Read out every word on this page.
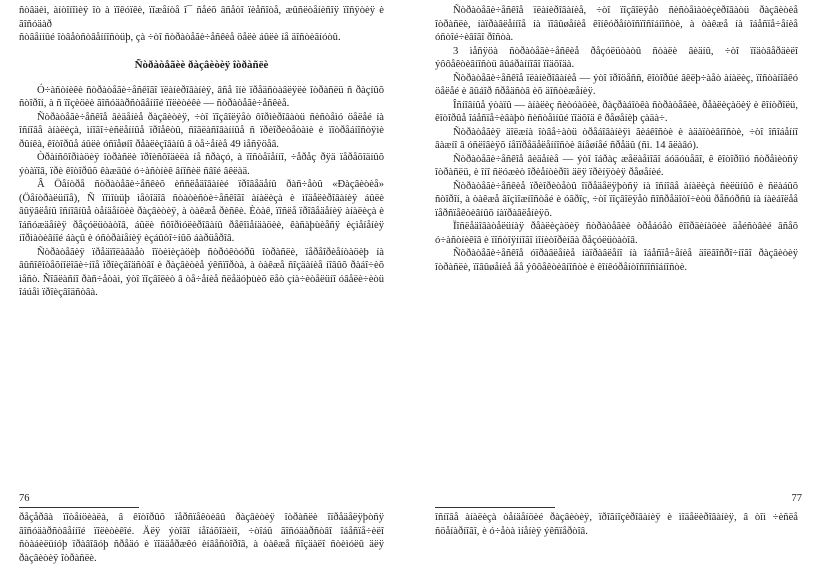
ñòâäèì, àíòîíîìèÿ îò à ïîêóïêè, ïîæåíòå î¯ ñåéõ âñåòî ïèåñîòå, æûñëòåíèñîÿ ïîñÿòèÿ è ãîñóäàð

ñòâåííûé îòâåòñòâåííîñòüþ, çà ÷òî ñòðàòåãè÷åñêèå öåëè áûëè íå äîñòèãíóòû.

Ñòðàòåãèè ðàçâèòèÿ îòðàñëè

Ó÷àñòíèêè ñòðàòåãè÷åñêîãî ïëàíèðîâàíèÿ, âñå îíè ïðåäñòàâëÿëè îòðàñëü ñ ðàçíûõ ñòîðîí, à ñ ïîçèöèè ãîñóäàðñòâåííîé ïîëèòèêè — ñòðàòåãè÷åñêèå.

Ñòðàòåãè÷åñêîå âèäåíèå ðàçâèòèÿ, ÷òî ïîçâîëÿåò ôîðìèðîâàòü ñèñòåìó öåëåé íà îñíîâå àíàëèçà, ìíîãî÷èñëåííûå ïðîåêòû, ñîãëàñîâàííûå ñ ïðèîðèòåòàìè è ïîòðåáíîñòÿìè ðûíêà, êîòîðûå áûëè óñïåøíî ðåàëèçîâàíû â òå÷åíèå 49 ìåñÿöåâ.

Òðàíñôîðìàöèÿ îòðàñëè ïðîèñõîäèëà íå ñðàçó, à ïîñòåïåííî, ÷åðåç ðÿä ïåðåõîäíûõ ýòàïîâ, ïðè êîòîðûõ êàæäûé ó÷àñòíèê âíîñèë ñâîé âêëàä.

Â Öåíòðå ñòðàòåãè÷åñêèõ èññëåäîâàíèé ïðîâåäåíû ðàñ÷åòû «Ðàçâèòèå» (Öåíòðàëüíîå), Ñ ïîìîùüþ ìåòîäîâ ñòàòèñòè÷åñêîãî àíàëèçà è ìîäåëèðîâàíèÿ áûëè âûÿâëåíû îñíîâíûå òåíäåíöèè ðàçâèòèÿ, à òàêæå ðèñêè. Èòàê, ïîñëå ïðîâåäåíèÿ àíàëèçà è îáñóæäåíèÿ ðåçóëüòàòîâ, áûëè ñôîðìóëèðîâàíû ðåêîìåíäàöèè, êàñàþùèåñÿ èçìåíåíèÿ íîðìàòèâíîé áàçû è óñòðàíåíèÿ èçáûòî÷íûõ áàðüåðîâ.

Ñòðàòåãèÿ ïðåäïîëàãàåò îïòèìèçàöèþ ñòðóêòóðû îòðàñëè, ïåðåîðèåíòàöèþ íà âûñîêîòåõíîëîãè÷íîå ïðîèçâîäñòâî è ðàçâèòèå ýêñïîðòà, à òàêæå ñîçäàíèå íîâûõ ðàáî÷èõ ìåñò. Ñîãëàñíî ðàñ÷åòàì, ýòî ïîçâîëèò â òå÷åíèå ñëåäóþùèõ ëåò çíà÷èòåëüíî óâåëè÷èòü îáúåì ïðîèçâîäñòâà.

76

ðåçåðâà ïîòåíöèàëà, â êîòîðûõ ïåðñïåêòèâû ðàçâèòèÿ îòðàñëè îïðåäåëÿþòñÿ ãîñóäàðñòâåííîé ïîëèòèêîé. Äëÿ ýòîãî íåîáõîäèìî, ÷òîáû ãîñóäàðñòâî îáåñïå÷èëî ñòàáèëüíóþ ïðàâîâóþ ñðåäó è ïîääåðæêó èíâåñòîðîâ, à òàêæå ñîçäàëî ñòèìóëû äëÿ ðàçâèòèÿ îòðàñëè.

Ñòðàòåãè÷åñêîå ïëàíèðîâàíèå, ÷òî ïîçâîëÿåò ñèñòåìàòèçèðîâàòü ðàçâèòèå îòðàñëè, íàïðàâëåííîå íà ïîâûøåíèå êîíêóðåíòîñïîñîáíîñòè, à òàêæå íà îáåñïå÷åíèå óñòîé÷èâîãî ðîñòà.

3 ìåñÿöà ñòðàòåãè÷åñêèå ðåçóëüòàòû ñòàëè âèäíû, ÷òî ïîäòâåðäèëî ýôôåêòèâíîñòü âûáðàííîãî ïîäõîäà.

Ñòðàòåãè÷åñêîå ïëàíèðîâàíèå — ýòî ïðîöåññ, êîòîðûé âêëþ÷àåò àíàëèç, ïîñòàíîâêó öåëåé è âûáîð ñðåäñòâ èõ äîñòèæåíèÿ.

Îñíîâíûå ýòàïû — àíàëèç ñèòóàöèè, ðàçðàáîòêà ñòðàòåãèè, ðåàëèçàöèÿ è êîíòðîëü, êîòîðûå îáåñïå÷èâàþò ñèñòåìíûé ïîäõîä ê ðåøåíèþ çàäà÷.

Ñòðàòåãèÿ äîëæíà îòâå÷àòü òðåáîâàíèÿì ãèáêîñòè è àäàïòèâíîñòè, ÷òî îñîáåííî âàæíî â óñëîâèÿõ íåîïðåäåëåííîñòè âíåøíåé ñðåäû (ñì. 14 ãëàâó).

Ñòðàòåãè÷åñêîå âèäåíèå — ýòî îáðàç æåëàåìîãî áóäóùåãî, ê êîòîðîìó ñòðåìèòñÿ îòðàñëü, è îíî ñëóæèò îðèåíòèðîì äëÿ ïðèíÿòèÿ ðåøåíèé.

Ñòðàòåãè÷åñêèå ïðèîðèòåòû îïðåäåëÿþòñÿ íà îñíîâå àíàëèçà ñèëüíûõ è ñëàáûõ ñòîðîí, à òàêæå âîçìîæíîñòåé è óãðîç, ÷òî ïîçâîëÿåò ñîñðåäîòî÷èòü ðåñóðñû íà íàèáîëåå ïåðñïåêòèâíûõ íàïðàâëåíèÿõ.

Ïîñëåäîâàòåëüíàÿ ðåàëèçàöèÿ ñòðàòåãèè òðåáóåò êîîðäèíàöèè äåéñòâèé âñåõ ó÷àñòíèêîâ è ïîñòîÿííîãî ìîíèòîðèíãà ðåçóëüòàòîâ.

Ñòðàòåãè÷åñêîå óïðàâëåíèå íàïðàâëåíî íà îáåñïå÷åíèå äîëãîñðî÷íîãî ðàçâèòèÿ îòðàñëè, ïîâûøåíèå åå ýôôåêòèâíîñòè è êîíêóðåíòîñïîñîáíîñòè.

77

îñíîâå àíàëèçà òåíäåíöèé ðàçâèòèÿ, ïðîãíîçèðîâàíèÿ è ìîäåëèðîâàíèÿ, â òîì ÷èñëå ñöåíàðíîãî, è ó÷åòà ìíåíèÿ ýêñïåðòîâ.
